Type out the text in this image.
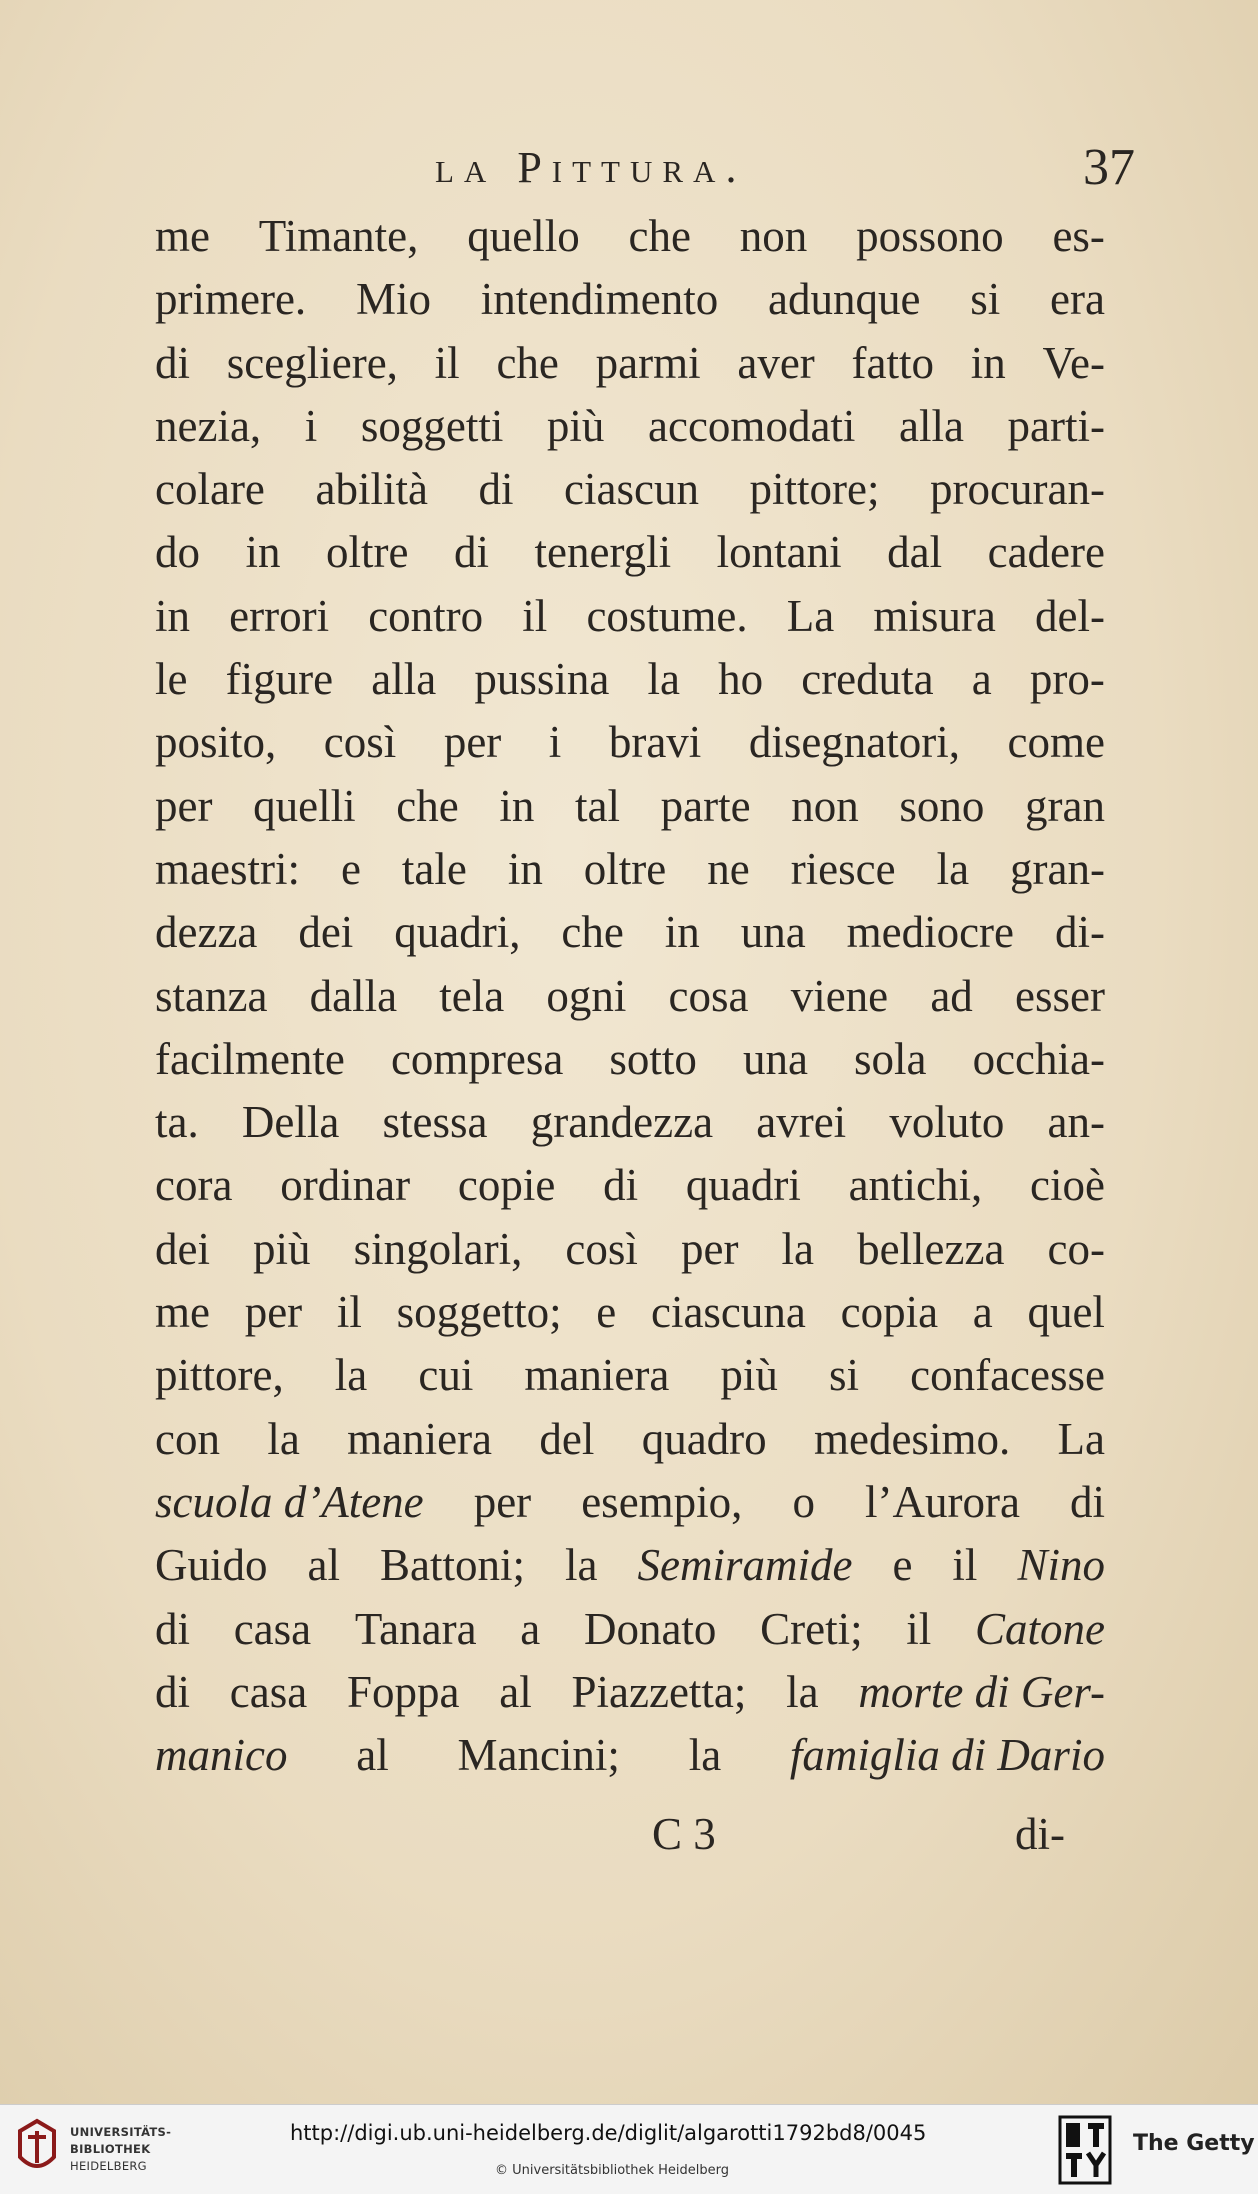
la Pittura.	37
me Timante, quello che non possono es-
primere. Mio intendimento adunque si era
di scegliere, il che parmi aver fatto in Ve-
nezia, i soggetti più accomodati alla parti-
colare abilità di ciascun pittore; procuran-
do in oltre di tenergli lontani dal cadere
in errori contro il costume. La misura del-
le figure alla pussina la ho creduta a pro-
posito, così per i bravi disegnatori, come
per quelli che in tal parte non sono gran
maestri: e tale in oltre ne riesce la gran-
dezza dei quadri, che in una mediocre di-
stanza dalla tela ogni cosa viene ad esser
facilmente compresa sotto una sola occhia-
ta. Della stessa grandezza avrei voluto an-
cora ordinar copie di quadri antichi, cioè
dei più singolari, così per la bellezza co-
me per il soggetto; e ciascuna copia a quel
pittore, la cui maniera più si confacesse
con la maniera del quadro medesimo. La
scuola d’Atene per esempio, o l’Aurora di
Guido al Battoni; la Semiramide e il Nino
di casa Tanara a Donato Creti; il Catone
di casa Foppa al Piazzetta; la morte di Ger-
manico al Mancini; la famiglia di Dario
C 3	di-
UNIVERSITÄTS-
BIBLIOTHEK
HEIDELBERG
http://digi.ub.uni-heidelberg.de/diglit/algarotti1792bd8/0045
© Universitätsbibliothek Heidelberg
The Getty
